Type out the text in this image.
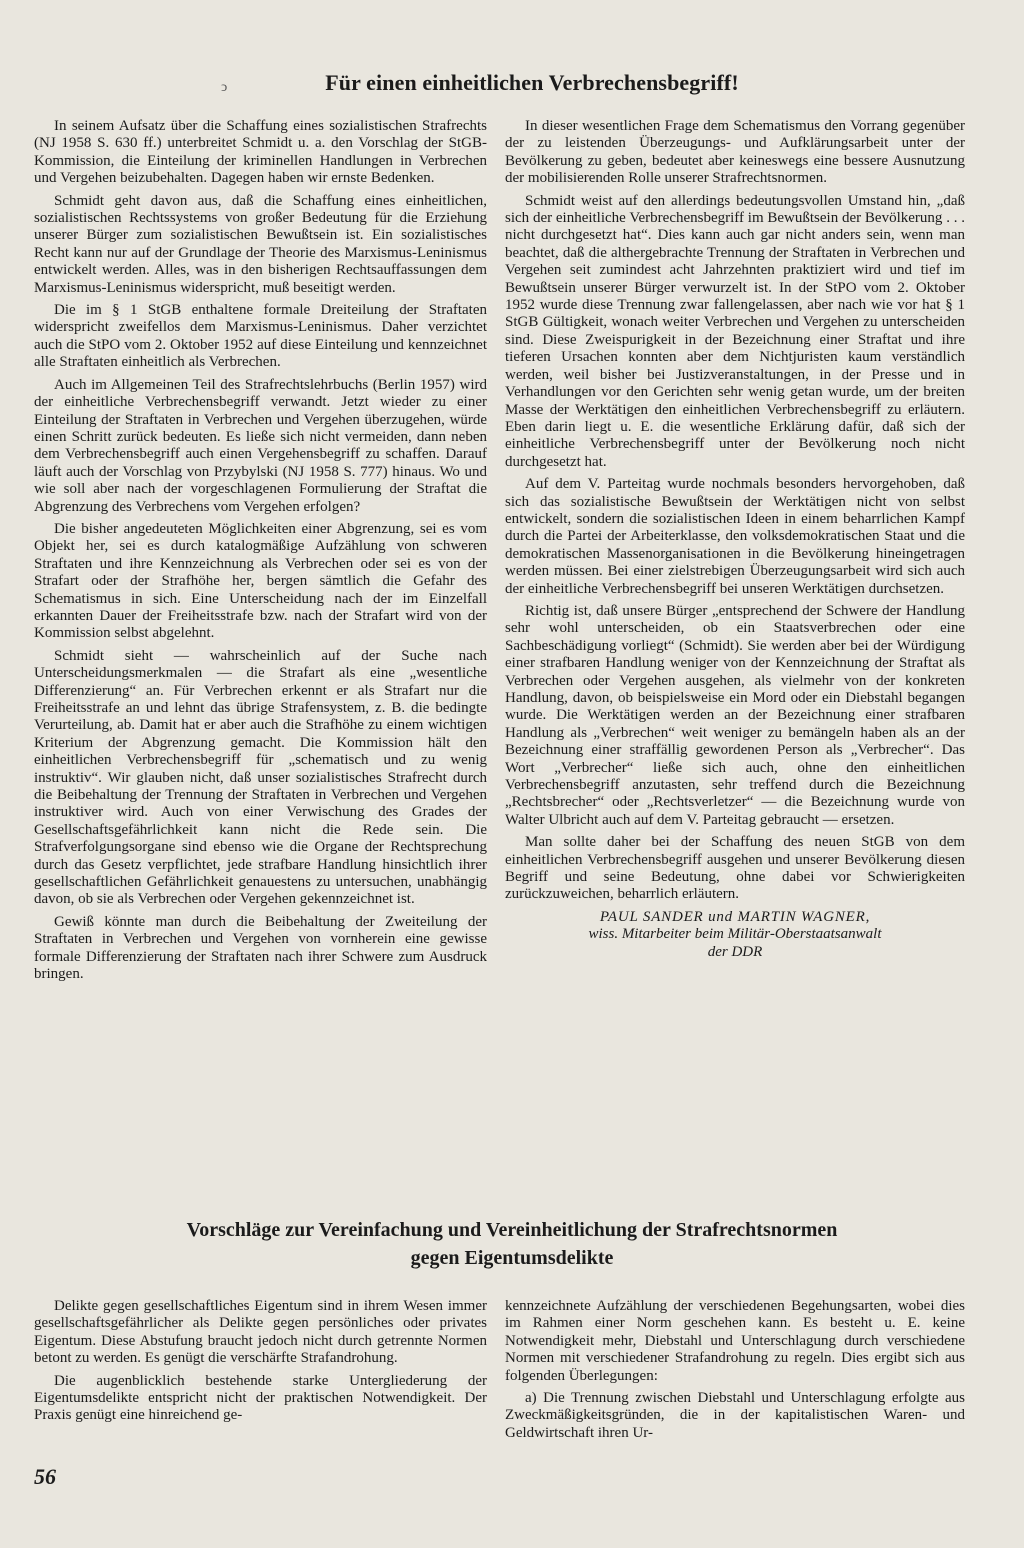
ↄ	Für einen einheitlichen Verbrechensbegriff!

In seinem Aufsatz über die Schaffung eines sozialistischen Strafrechts (NJ 1958 S. 630 ff.) unterbreitet Schmidt u. a. den Vorschlag der StGB-Kommission, die Einteilung der kriminellen Handlungen in Verbrechen und Vergehen beizubehalten. Dagegen haben wir ernste Bedenken.

Schmidt geht davon aus, daß die Schaffung eines einheitlichen, sozialistischen Rechtssystems von großer Bedeutung für die Erziehung unserer Bürger zum sozialistischen Bewußtsein ist. Ein sozialistisches Recht kann nur auf der Grundlage der Theorie des Marxismus-Leninismus entwickelt werden. Alles, was in den bisherigen Rechtsauffassungen dem Marxismus-Leninismus widerspricht, muß beseitigt werden.

Die im § 1 StGB enthaltene formale Dreiteilung der Straftaten widerspricht zweifellos dem Marxismus-Leninismus. Daher verzichtet auch die StPO vom 2. Oktober 1952 auf diese Einteilung und kennzeichnet alle Straftaten einheitlich als Verbrechen.

Auch im Allgemeinen Teil des Strafrechtslehrbuchs (Berlin 1957) wird der einheitliche Verbrechensbegriff verwandt. Jetzt wieder zu einer Einteilung der Straftaten in Verbrechen und Vergehen überzugehen, würde einen Schritt zurück bedeuten. Es ließe sich nicht vermeiden, dann neben dem Verbrechensbegriff auch einen Vergehensbegriff zu schaffen. Darauf läuft auch der Vorschlag von Przybylski (NJ 1958 S. 777) hinaus. Wo und wie soll aber nach der vorgeschlagenen Formulierung der Straftat die Abgrenzung des Verbrechens vom Vergehen erfolgen?

Die bisher angedeuteten Möglichkeiten einer Abgrenzung, sei es vom Objekt her, sei es durch katalogmäßige Aufzählung von schweren Straftaten und ihre Kennzeichnung als Verbrechen oder sei es von der Strafart oder der Strafhöhe her, bergen sämtlich die Gefahr des Schematismus in sich. Eine Unterscheidung nach der im Einzelfall erkannten Dauer der Freiheitsstrafe bzw. nach der Strafart wird von der Kommission selbst abgelehnt.

Schmidt sieht — wahrscheinlich auf der Suche nach Unterscheidungsmerkmalen — die Strafart als eine „wesentliche Differenzierung“ an. Für Verbrechen erkennt er als Strafart nur die Freiheitsstrafe an und lehnt das übrige Strafensystem, z. B. die bedingte Verurteilung, ab. Damit hat er aber auch die Strafhöhe zu einem wichtigen Kriterium der Abgrenzung gemacht. Die Kommission hält den einheitlichen Verbrechensbegriff für „schematisch und zu wenig instruktiv“. Wir glauben nicht, daß unser sozialistisches Strafrecht durch die Beibehaltung der Trennung der Straftaten in Verbrechen und Vergehen instruktiver wird. Auch von einer Verwischung des Grades der Gesellschaftsgefährlichkeit kann nicht die Rede sein. Die Strafverfolgungsorgane sind ebenso wie die Organe der Rechtsprechung durch das Gesetz verpflichtet, jede strafbare Handlung hinsichtlich ihrer gesellschaftlichen Gefährlichkeit genauestens zu untersuchen, unabhängig davon, ob sie als Verbrechen oder Vergehen gekennzeichnet ist.

Gewiß könnte man durch die Beibehaltung der Zweiteilung der Straftaten in Verbrechen und Vergehen von vornherein eine gewisse formale Differenzierung der Straftaten nach ihrer Schwere zum Ausdruck bringen.

In dieser wesentlichen Frage dem Schematismus den Vorrang gegenüber der zu leistenden Überzeugungs- und Aufklärungsarbeit unter der Bevölkerung zu geben, bedeutet aber keineswegs eine bessere Ausnutzung der mobilisierenden Rolle unserer Strafrechtsnormen.

Schmidt weist auf den allerdings bedeutungsvollen Umstand hin, „daß sich der einheitliche Verbrechensbegriff im Bewußtsein der Bevölkerung . . . nicht durchgesetzt hat“. Dies kann auch gar nicht anders sein, wenn man beachtet, daß die althergebrachte Trennung der Straftaten in Verbrechen und Vergehen seit zumindest acht Jahrzehnten praktiziert wird und tief im Bewußtsein unserer Bürger verwurzelt ist. In der StPO vom 2. Oktober 1952 wurde diese Trennung zwar fallengelassen, aber nach wie vor hat § 1 StGB Gültigkeit, wonach weiter Verbrechen und Vergehen zu unterscheiden sind. Diese Zweispurigkeit in der Bezeichnung einer Straftat und ihre tieferen Ursachen konnten aber dem Nichtjuristen kaum verständlich werden, weil bisher bei Justizveranstaltungen, in der Presse und in Verhandlungen vor den Gerichten sehr wenig getan wurde, um der breiten Masse der Werktätigen den einheitlichen Verbrechensbegriff zu erläutern. Eben darin liegt u. E. die wesentliche Erklärung dafür, daß sich der einheitliche Verbrechensbegriff unter der Bevölkerung noch nicht durchgesetzt hat.

Auf dem V. Parteitag wurde nochmals besonders hervorgehoben, daß sich das sozialistische Bewußtsein der Werktätigen nicht von selbst entwickelt, sondern die sozialistischen Ideen in einem beharrlichen Kampf durch die Partei der Arbeiterklasse, den volksdemokratischen Staat und die demokratischen Massenorganisationen in die Bevölkerung hineingetragen werden müssen. Bei einer zielstrebigen Überzeugungsarbeit wird sich auch der einheitliche Verbrechensbegriff bei unseren Werktätigen durchsetzen.

Richtig ist, daß unsere Bürger „entsprechend der Schwere der Handlung sehr wohl unterscheiden, ob ein Staatsverbrechen oder eine Sachbeschädigung vorliegt“ (Schmidt). Sie werden aber bei der Würdigung einer strafbaren Handlung weniger von der Kennzeichnung der Straftat als Verbrechen oder Vergehen ausgehen, als vielmehr von der konkreten Handlung, davon, ob beispielsweise ein Mord oder ein Diebstahl begangen wurde. Die Werktätigen werden an der Bezeichnung einer strafbaren Handlung als „Verbrechen“ weit weniger zu bemängeln haben als an der Bezeichnung einer straffällig gewordenen Person als „Verbrecher“. Das Wort „Verbrecher“ ließe sich auch, ohne den einheitlichen Verbrechensbegriff anzutasten, sehr treffend durch die Bezeichnung „Rechtsbrecher“ oder „Rechtsverletzer“ — die Bezeichnung wurde von Walter Ulbricht auch auf dem V. Parteitag gebraucht — ersetzen.

Man sollte daher bei der Schaffung des neuen StGB von dem einheitlichen Verbrechensbegriff ausgehen und unserer Bevölkerung diesen Begriff und seine Bedeutung, ohne dabei vor Schwierigkeiten zurückzuweichen, beharrlich erläutern.

PAUL SANDER und MARTIN WAGNER,
wiss. Mitarbeiter beim Militär-Oberstaatsanwalt
der DDR
Vorschläge zur Vereinfachung und Vereinheitlichung der Strafrechtsnormen
gegen Eigentumsdelikte

Delikte gegen gesellschaftliches Eigentum sind in ihrem Wesen immer gesellschaftsgefährlicher als Delikte gegen persönliches oder privates Eigentum. Diese Abstufung braucht jedoch nicht durch getrennte Normen betont zu werden. Es genügt die verschärfte Strafandrohung.

Die augenblicklich bestehende starke Untergliederung der Eigentumsdelikte entspricht nicht der praktischen Notwendigkeit. Der Praxis genügt eine hinreichend ge-

kennzeichnete Aufzählung der verschiedenen Begehungsarten, wobei dies im Rahmen einer Norm geschehen kann. Es besteht u. E. keine Notwendigkeit mehr, Diebstahl und Unterschlagung durch verschiedene Normen mit verschiedener Strafandrohung zu regeln. Dies ergibt sich aus folgenden Überlegungen:

a) Die Trennung zwischen Diebstahl und Unterschlagung erfolgte aus Zweckmäßigkeitsgründen, die in der kapitalistischen Waren- und Geldwirtschaft ihren Ur-

56
